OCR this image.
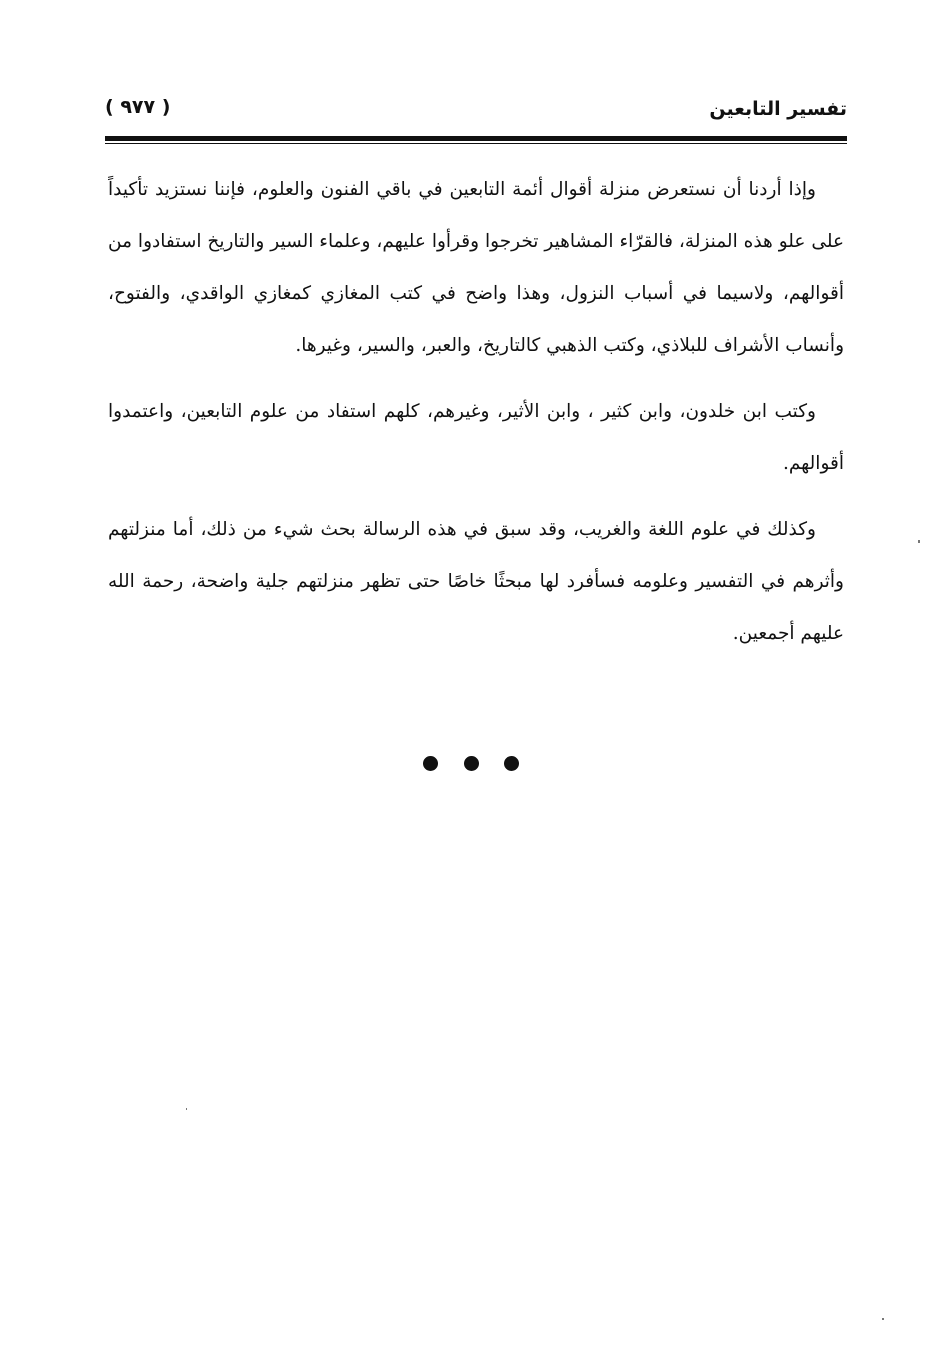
( ٩٧٧ )	تفسير التابعين

وإذا أردنا أن نستعرض منزلة أقوال أئمة التابعين في باقي الفنون والعلوم، فإننا نستزيد تأكيداً على علو هذه المنزلة، فالقرّاء المشاهير تخرجوا وقرأوا عليهم، وعلماء السير والتاريخ استفادوا من أقوالهم، ولاسيما في أسباب النزول، وهذا واضح في كتب المغازي كمغازي الواقدي، والفتوح، وأنساب الأشراف للبلاذي، وكتب الذهبي كالتاريخ، والعبر، والسير، وغيرها.

وكتب ابن خلدون، وابن كثير ، وابن الأثير، وغيرهم، كلهم استفاد من علوم التابعين، واعتمدوا أقوالهم.

وكذلك في علوم اللغة والغريب، وقد سبق في هذه الرسالة بحث شيء من ذلك، أما منزلتهم وأثرهم في التفسير وعلومه فسأفرد لها مبحثًا خاصًا حتى تظهر منزلتهم جلية واضحة، رحمة الله عليهم أجمعين.
